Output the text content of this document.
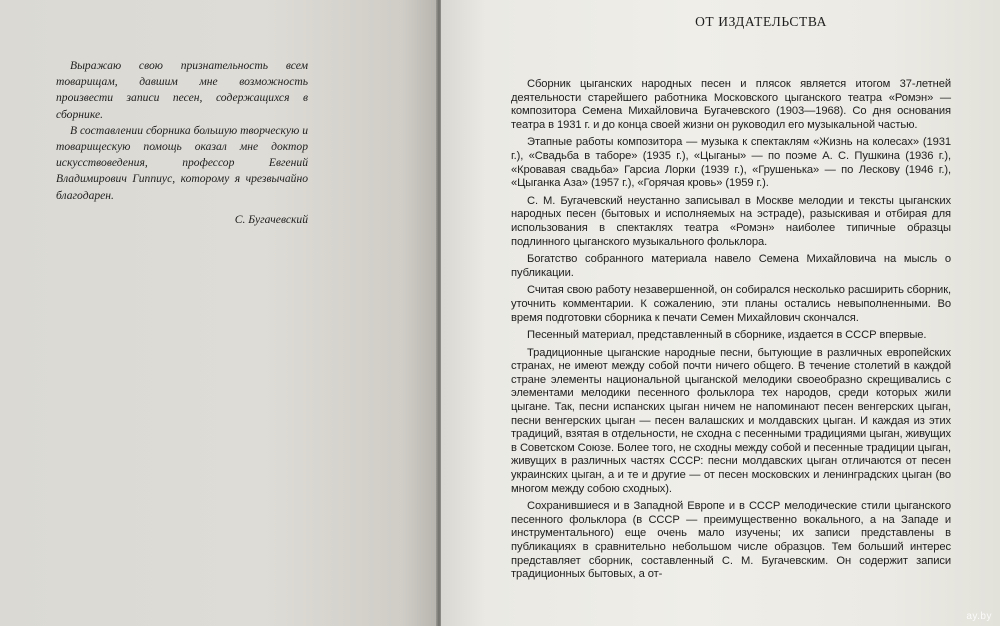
Выражаю свою признательность всем товарищам, давшим мне возможность произвести записи песен, содержащихся в сборнике.

В составлении сборника большую творческую и товарищескую помощь оказал мне доктор искусствоведения, профессор Евгений Владимирович Гиппиус, которому я чрезвычайно благодарен.

С. Бугачевский

ОТ ИЗДАТЕЛЬСТВА

Сборник цыганских народных песен и плясок является итогом 37-летней деятельности старейшего работника Московского цыганского театра «Ромэн» — композитора Семена Михайловича Бугачевского (1903—1968). Со дня основания театра в 1931 г. и до конца своей жизни он руководил его музыкальной частью.

Этапные работы композитора — музыка к спектаклям «Жизнь на колесах» (1931 г.), «Свадьба в таборе» (1935 г.), «Цыганы» — по поэме А. С. Пушкина (1936 г.), «Кровавая свадьба» Гарсиа Лорки (1939 г.), «Грушенька» — по Лескову (1946 г.), «Цыганка Аза» (1957 г.), «Горячая кровь» (1959 г.).

С. М. Бугачевский неустанно записывал в Москве мелодии и тексты цыганских народных песен (бытовых и исполняемых на эстраде), разыскивая и отбирая для использования в спектаклях театра «Ромэн» наиболее типичные образцы подлинного цыганского музыкального фольклора.

Богатство собранного материала навело Семена Михайловича на мысль о публикации.

Считая свою работу незавершенной, он собирался несколько расширить сборник, уточнить комментарии. К сожалению, эти планы остались невыполненными. Во время подготовки сборника к печати Семен Михайлович скончался.

Песенный материал, представленный в сборнике, издается в СССР впервые.

Традиционные цыганские народные песни, бытующие в различных европейских странах, не имеют между собой почти ничего общего. В течение столетий в каждой стране элементы национальной цыганской мелодики своеобразно скрещивались с элементами мелодики песенного фольклора тех народов, среди которых жили цыгане. Так, песни испанских цыган ничем не напоминают песен венгерских цыган, песни венгерских цыган — песен валашских и молдавских цыган. И каждая из этих традиций, взятая в отдельности, не сходна с песенными традициями цыган, живущих в Советском Союзе. Более того, не сходны между собой и песенные традиции цыган, живущих в различных частях СССР: песни молдавских цыган отличаются от песен украинских цыган, а и те и другие — от песен московских и ленинградских цыган (во многом между собою сходных).

Сохранившиеся и в Западной Европе и в СССР мелодические стили цыганского песенного фольклора (в СССР — преимущественно вокального, а на Западе и инструментального) еще очень мало изучены; их записи представлены в публикациях в сравнительно небольшом числе образцов. Тем больший интерес представляет сборник, составленный С. М. Бугачевским. Он содержит записи традиционных бытовых, а от-

ay.by
